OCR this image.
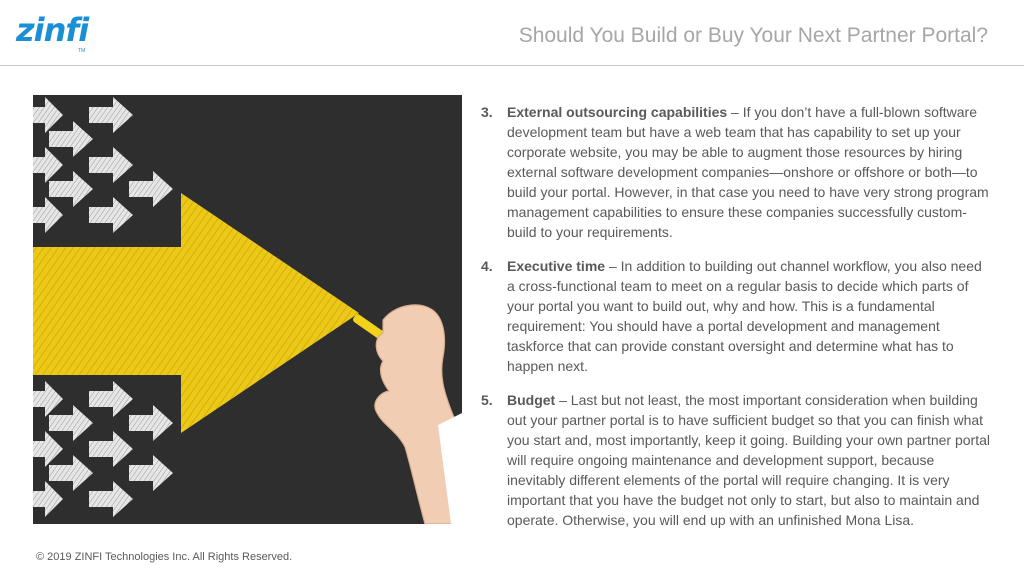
zinfi
TM
Should You Build or Buy Your Next Partner Portal?
3.	External outsourcing capabilities – If you don’t have a full-blown software development team but have a web team that has capability to set up your corporate website, you may be able to augment those resources by hiring external software development companies—onshore or offshore or both—to build your portal. However, in that case you need to have very strong program management capabilities to ensure these companies successfully custom-build to your requirements.
4.	Executive time – In addition to building out channel workflow, you also need a cross-functional team to meet on a regular basis to decide which parts of your portal you want to build out, why and how. This is a fundamental requirement: You should have a portal development and management taskforce that can provide constant oversight and determine what has to happen next.
5.	Budget – Last but not least, the most important consideration when building out your partner portal is to have sufficient budget so that you can finish what you start and, most importantly, keep it going. Building your own partner portal will require ongoing maintenance and development support, because inevitably different elements of the portal will require changing. It is very important that you have the budget not only to start, but also to maintain and operate. Otherwise, you will end up with an unfinished Mona Lisa.
© 2019 ZINFI Technologies Inc. All Rights Reserved.
